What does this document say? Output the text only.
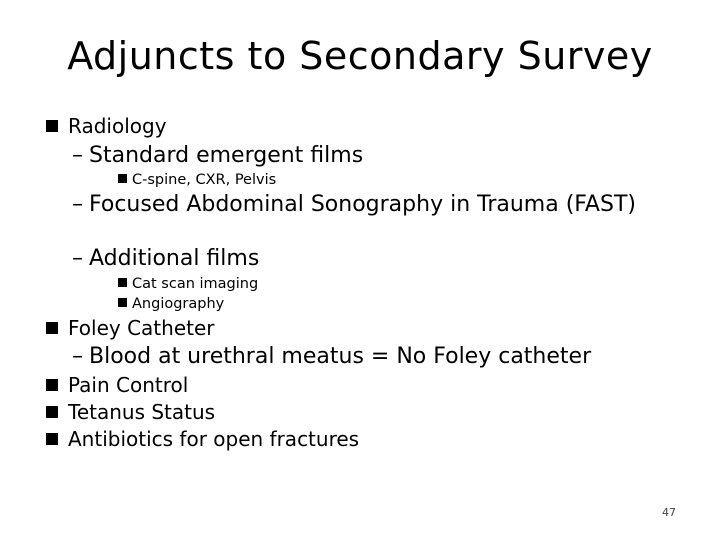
Adjuncts to Secondary Survey
Radiology
– Standard emergent films
C-spine, CXR, Pelvis
– Focused Abdominal Sonography in Trauma (FAST)
– Additional films
Cat scan imaging
Angiography
Foley Catheter
– Blood at urethral meatus = No Foley catheter
Pain Control
Tetanus Status
Antibiotics for open fractures
47
